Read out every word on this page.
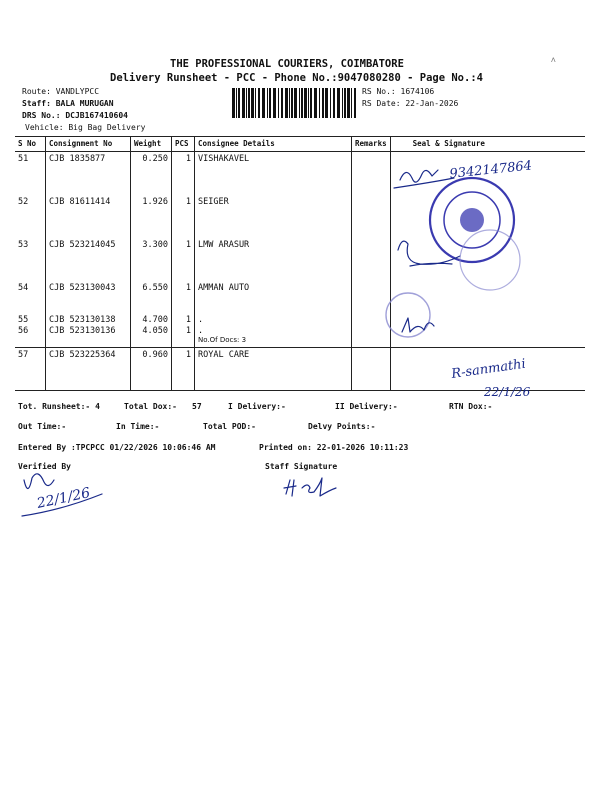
˄
THE PROFESSIONAL COURIERS, COIMBATORE
Delivery Runsheet - PCC - Phone No.:9047080280 - Page No.:4
Route: VANDLYPCC
Staff: BALA MURUGAN
DRS No.: DCJB167410604
Vehicle: Big Bag Delivery
RS No.: 1674106
RS Date: 22-Jan-2026
S No	Consignment No	Weight	PCS	Consignee Details	Remarks	Seal & Signature
51	CJB 1835877	0.250	1	VISHAKAVEL		
52	CJB 81611414	1.926	1	SEIGER		
53	CJB 523214045	3.300	1	LMW ARASUR		
54	CJB 523130043	6.550	1	AMMAN AUTO		
55	CJB 523130138	4.700	1	.		
56	CJB 523130136	4.050	1	.
No.Of Docs: 3		

57	CJB 523225364	0.960	1	ROYAL CARE		
9342147864
R-sanmathi
22/1/26
Tot. Runsheet:- 4	Total Dox:- 57	I Delivery:-	II Delivery:-	RTN Dox:-
Out Time:-	In Time:-	Total POD:-	Delvy Points:-
Entered By :TPCPCC 01/22/2026 10:06:46 AM	Printed on: 22-01-2026 10:11:23
Verified By	Staff Signature
22/1/26
